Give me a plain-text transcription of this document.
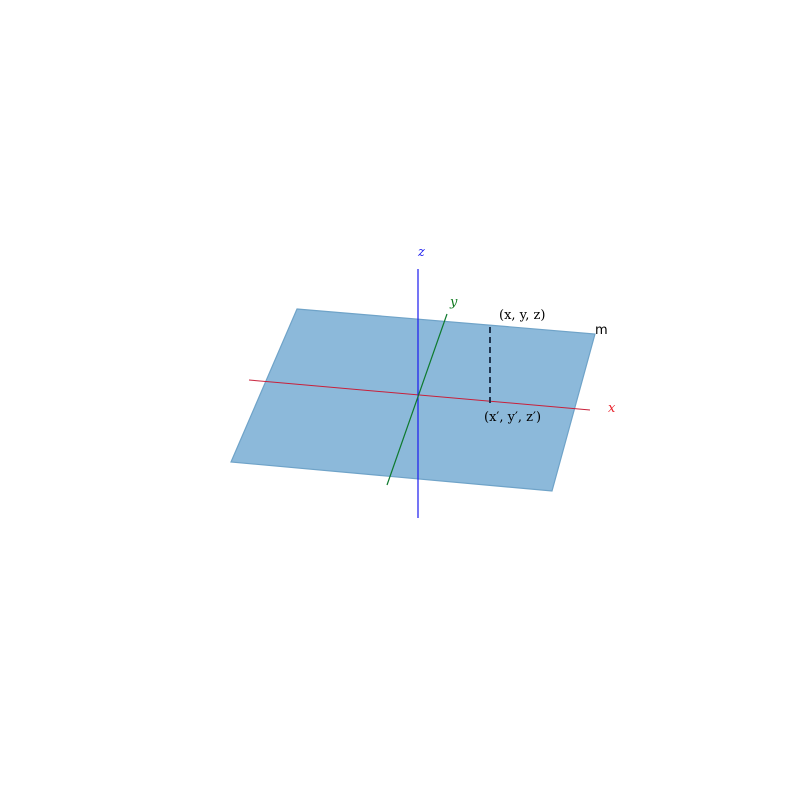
x
y
z
(x, y, z)
(x′, y′, z′)
m
